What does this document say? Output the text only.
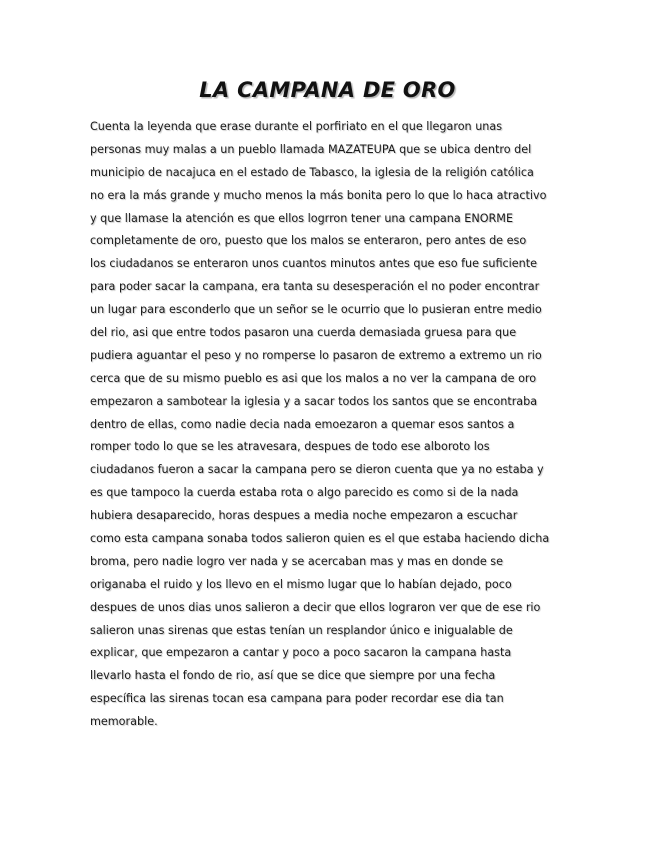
LA CAMPANA DE ORO
Cuenta la leyenda que erase durante el porfiriato en el que llegaron unas
personas muy malas a un pueblo llamada MAZATEUPA que se ubica dentro del
municipio de nacajuca en el estado de Tabasco, la iglesia de la religión católica
no era la más grande y mucho menos la más bonita pero lo que lo haca atractivo
y que llamase la atención es que ellos logrron tener una campana ENORME
completamente de oro, puesto que los malos se enteraron, pero antes de eso
los ciudadanos se enteraron unos cuantos minutos antes que eso fue suficiente
para poder sacar la campana, era tanta su desesperación el no poder encontrar
un lugar para esconderlo que un señor se le ocurrio que lo pusieran entre medio
del rio, asi que entre todos pasaron una cuerda demasiada gruesa para que
pudiera aguantar el peso y no romperse lo pasaron de extremo a extremo un rio
cerca que de su mismo pueblo es asi que los malos a no ver la campana de oro
empezaron a sambotear la iglesia y a sacar todos los santos que se encontraba
dentro de ellas, como nadie decia nada emoezaron a quemar esos santos a
romper todo lo que se les atravesara, despues de todo ese alboroto los
ciudadanos fueron a sacar la campana pero se dieron cuenta que ya no estaba y
es que tampoco la cuerda estaba rota o algo parecido es como si de la nada
hubiera desaparecido, horas despues a media noche empezaron a escuchar
como esta campana sonaba todos salieron quien es el que estaba haciendo dicha
broma, pero nadie logro ver nada y se acercaban mas y mas en donde se
origanaba el ruido y los llevo en el mismo lugar que lo habían dejado, poco
despues de unos dias unos salieron a decir que ellos lograron ver que de ese rio
salieron unas sirenas que estas tenían un resplandor único e inigualable de
explicar, que empezaron a cantar y poco a poco sacaron la campana hasta
llevarlo hasta el fondo de rio, así que se dice que siempre por una fecha
específica las sirenas tocan esa campana para poder recordar ese dia tan
memorable.
